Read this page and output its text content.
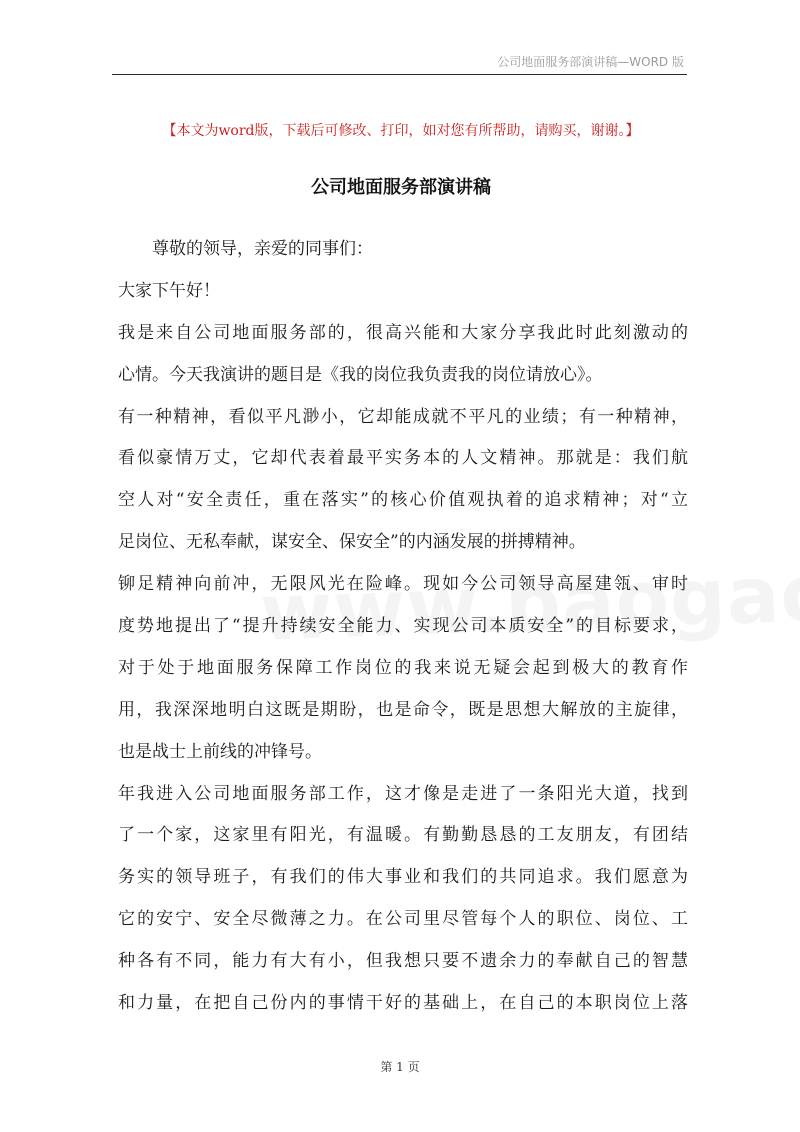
公司地面服务部演讲稿—WORD 版
【本文为word版，下载后可修改、打印，如对您有所帮助，请购买，谢谢。】
公司地面服务部演讲稿
尊敬的领导，亲爱的同事们：
大家下午好！
我是来自公司地面服务部的，很高兴能和大家分享我此时此刻激动的
心情。今天我演讲的题目是《我的岗位我负责我的岗位请放心》。
有一种精神，看似平凡渺小，它却能成就不平凡的业绩；有一种精神，
看似豪情万丈，它却代表着最平实务本的人文精神。那就是：我们航
空人对“安全责任，重在落实”的核心价值观执着的追求精神；对“立
足岗位、无私奉献，谋安全、保安全”的内涵发展的拼搏精神。
铆足精神向前冲，无限风光在险峰。现如今公司领导高屋建瓴、审时
度势地提出了“提升持续安全能力、实现公司本质安全”的目标要求，
对于处于地面服务保障工作岗位的我来说无疑会起到极大的教育作
用，我深深地明白这既是期盼，也是命令，既是思想大解放的主旋律，
也是战士上前线的冲锋号。
年我进入公司地面服务部工作，这才像是走进了一条阳光大道，找到
了一个家，这家里有阳光，有温暖。有勤勤恳恳的工友朋友，有团结
务实的领导班子，有我们的伟大事业和我们的共同追求。我们愿意为
它的安宁、安全尽微薄之力。在公司里尽管每个人的职位、岗位、工
种各有不同，能力有大有小，但我想只要不遗余力的奉献自己的智慧
和力量，在把自己份内的事情干好的基础上，在自己的本职岗位上落
第 1 页
